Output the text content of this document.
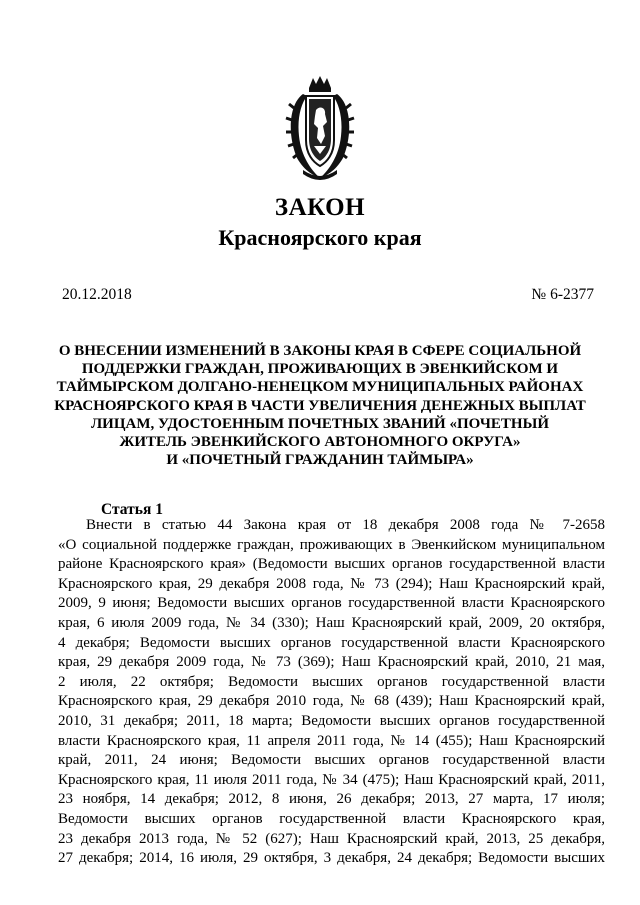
ЗАКОН
Красноярского края
20.12.2018	№ 6-2377
О ВНЕСЕНИИ ИЗМЕНЕНИЙ В ЗАКОНЫ КРАЯ В СФЕРЕ СОЦИАЛЬНОЙ
ПОДДЕРЖКИ ГРАЖДАН, ПРОЖИВАЮЩИХ В ЭВЕНКИЙСКОМ И
ТАЙМЫРСКОМ ДОЛГАНО-НЕНЕЦКОМ МУНИЦИПАЛЬНЫХ РАЙОНАХ
КРАСНОЯРСКОГО КРАЯ В ЧАСТИ УВЕЛИЧЕНИЯ ДЕНЕЖНЫХ ВЫПЛАТ
ЛИЦАМ, УДОСТОЕННЫМ ПОЧЕТНЫХ ЗВАНИЙ «ПОЧЕТНЫЙ
ЖИТЕЛЬ ЭВЕНКИЙСКОГО АВТОНОМНОГО ОКРУГА»
И «ПОЧЕТНЫЙ ГРАЖДАНИН ТАЙМЫРА»
Статья 1
Внести в статью 44 Закона края от 18 декабря 2008 года № 7-2658
«О социальной поддержке граждан, проживающих в Эвенкийском муниципальном
районе Красноярского края» (Ведомости высших органов государственной власти
Красноярского края, 29 декабря 2008 года, № 73 (294); Наш Красноярский край,
2009, 9 июня; Ведомости высших органов государственной власти Красноярского
края, 6 июля 2009 года, № 34 (330); Наш Красноярский край, 2009, 20 октября,
4 декабря; Ведомости высших органов государственной власти Красноярского
края, 29 декабря 2009 года, № 73 (369); Наш Красноярский край, 2010, 21 мая,
2 июля, 22 октября; Ведомости высших органов государственной власти
Красноярского края, 29 декабря 2010 года, № 68 (439); Наш Красноярский край,
2010, 31 декабря; 2011, 18 марта; Ведомости высших органов государственной
власти Красноярского края, 11 апреля 2011 года, № 14 (455); Наш Красноярский
край, 2011, 24 июня; Ведомости высших органов государственной власти
Красноярского края, 11 июля 2011 года, № 34 (475); Наш Красноярский край, 2011,
23 ноября, 14 декабря; 2012, 8 июня, 26 декабря; 2013, 27 марта, 17 июля;
Ведомости высших органов государственной власти Красноярского края,
23 декабря 2013 года, № 52 (627); Наш Красноярский край, 2013, 25 декабря,
27 декабря; 2014, 16 июля, 29 октября, 3 декабря, 24 декабря; Ведомости высших
